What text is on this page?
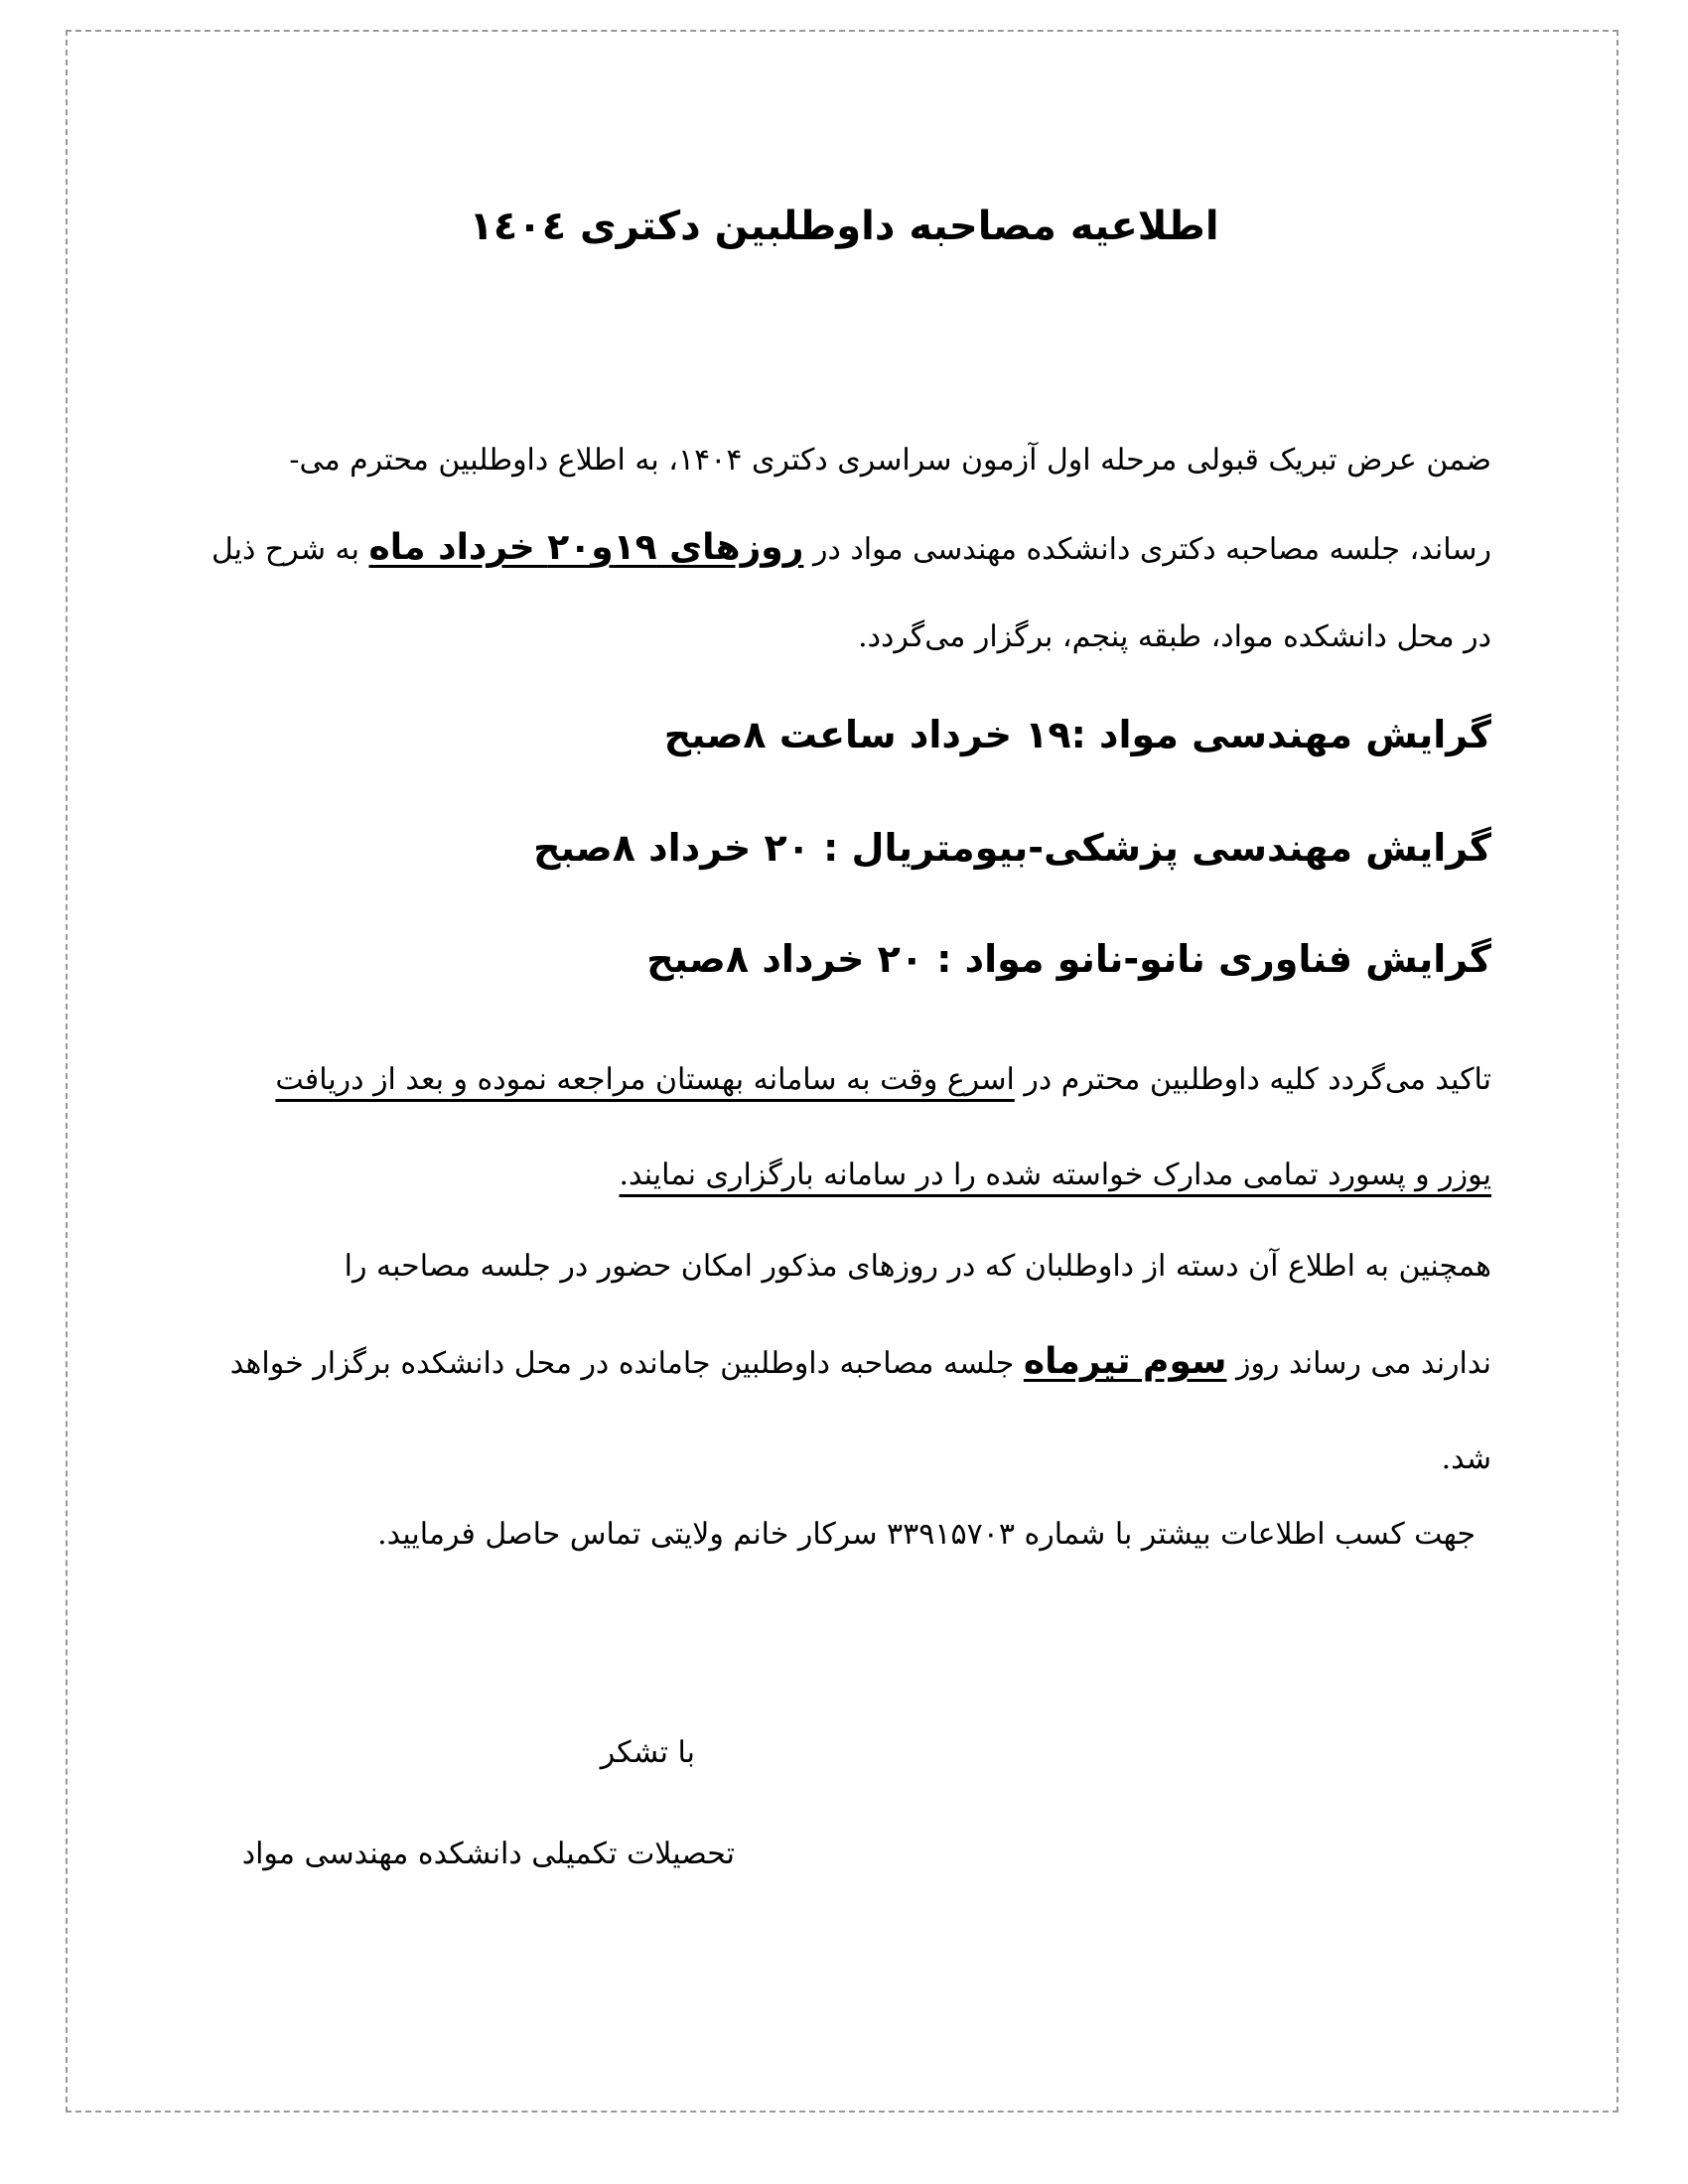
اطلاعیه مصاحبه داوطلبین دکتری ۱٤۰٤
ضمن عرض تبریک قبولی مرحله اول آزمون سراسری دکتری ۱۴۰۴، به اطلاع داوطلبین محترم می-
رساند، جلسه مصاحبه دکتری دانشکده مهندسی مواد در روزهای ۱۹و۲۰ خرداد ماه به شرح ذیل
در محل دانشکده مواد، طبقه پنجم، برگزار می‌گردد.
گرایش مهندسی مواد :۱۹ خرداد ساعت ۸صبح
گرایش مهندسی پزشکی-بیومتریال : ۲۰ خرداد ۸صبح
گرایش فناوری نانو-نانو مواد : ۲۰ خرداد ۸صبح
تاکید می‌گردد کلیه داوطلبین محترم در اسرع وقت به سامانه بهستان مراجعه نموده و بعد از دریافت
یوزر و پسورد تمامی مدارک خواسته شده را در سامانه بارگزاری نمایند.
همچنین به اطلاع آن دسته از داوطلبان که در روزهای مذکور امکان حضور در جلسه مصاحبه را
ندارند می رساند روز سوم تیرماه جلسه مصاحبه داوطلبین جامانده در محل دانشکده برگزار خواهد
شد.
جهت کسب اطلاعات بیشتر با شماره ۳۳۹۱۵۷۰۳ سرکار خانم ولایتی تماس حاصل فرمایید.
با تشکر
تحصیلات تکمیلی دانشکده مهندسی مواد
